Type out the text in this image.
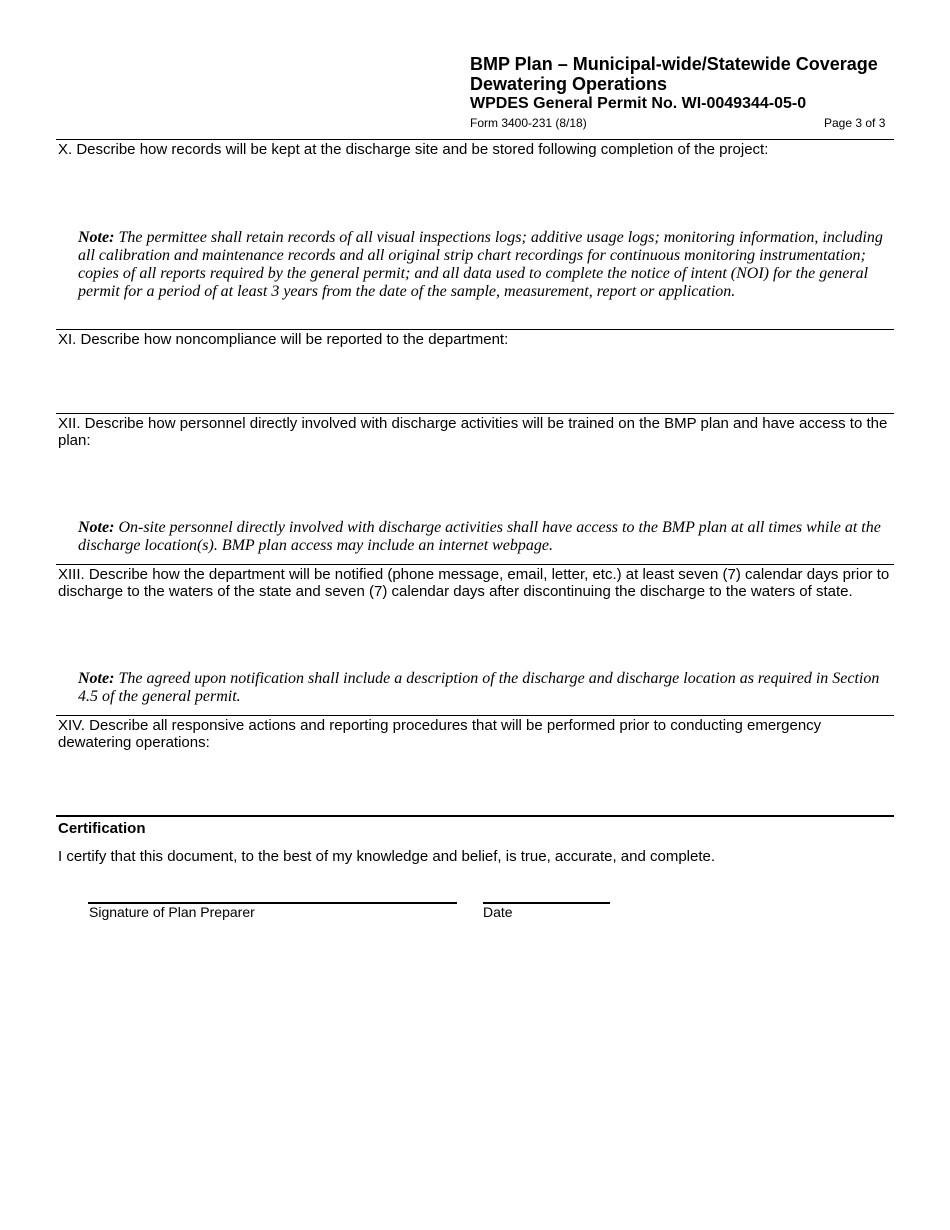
BMP Plan – Municipal-wide/Statewide Coverage
Dewatering Operations
WPDES General Permit No. WI-0049344-05-0
Form 3400-231 (8/18)	Page 3 of 3
X. Describe how records will be kept at the discharge site and be stored following completion of the project:
Note: The permittee shall retain records of all visual inspections logs; additive usage logs; monitoring information, including all calibration and maintenance records and all original strip chart recordings for continuous monitoring instrumentation; copies of all reports required by the general permit; and all data used to complete the notice of intent (NOI) for the general permit for a period of at least 3 years from the date of the sample, measurement, report or application.
XI. Describe how noncompliance will be reported to the department:
XII. Describe how personnel directly involved with discharge activities will be trained on the BMP plan and have access to the plan:
Note: On-site personnel directly involved with discharge activities shall have access to the BMP plan at all times while at the discharge location(s). BMP plan access may include an internet webpage.
XIII. Describe how the department will be notified (phone message, email, letter, etc.) at least seven (7) calendar days prior to discharge to the waters of the state and seven (7) calendar days after discontinuing the discharge to the waters of state.
Note: The agreed upon notification shall include a description of the discharge and discharge location as required in Section 4.5 of the general permit.
XIV. Describe all responsive actions and reporting procedures that will be performed prior to conducting emergency dewatering operations:
Certification
I certify that this document, to the best of my knowledge and belief, is true, accurate, and complete.
Signature of Plan Preparer	Date
